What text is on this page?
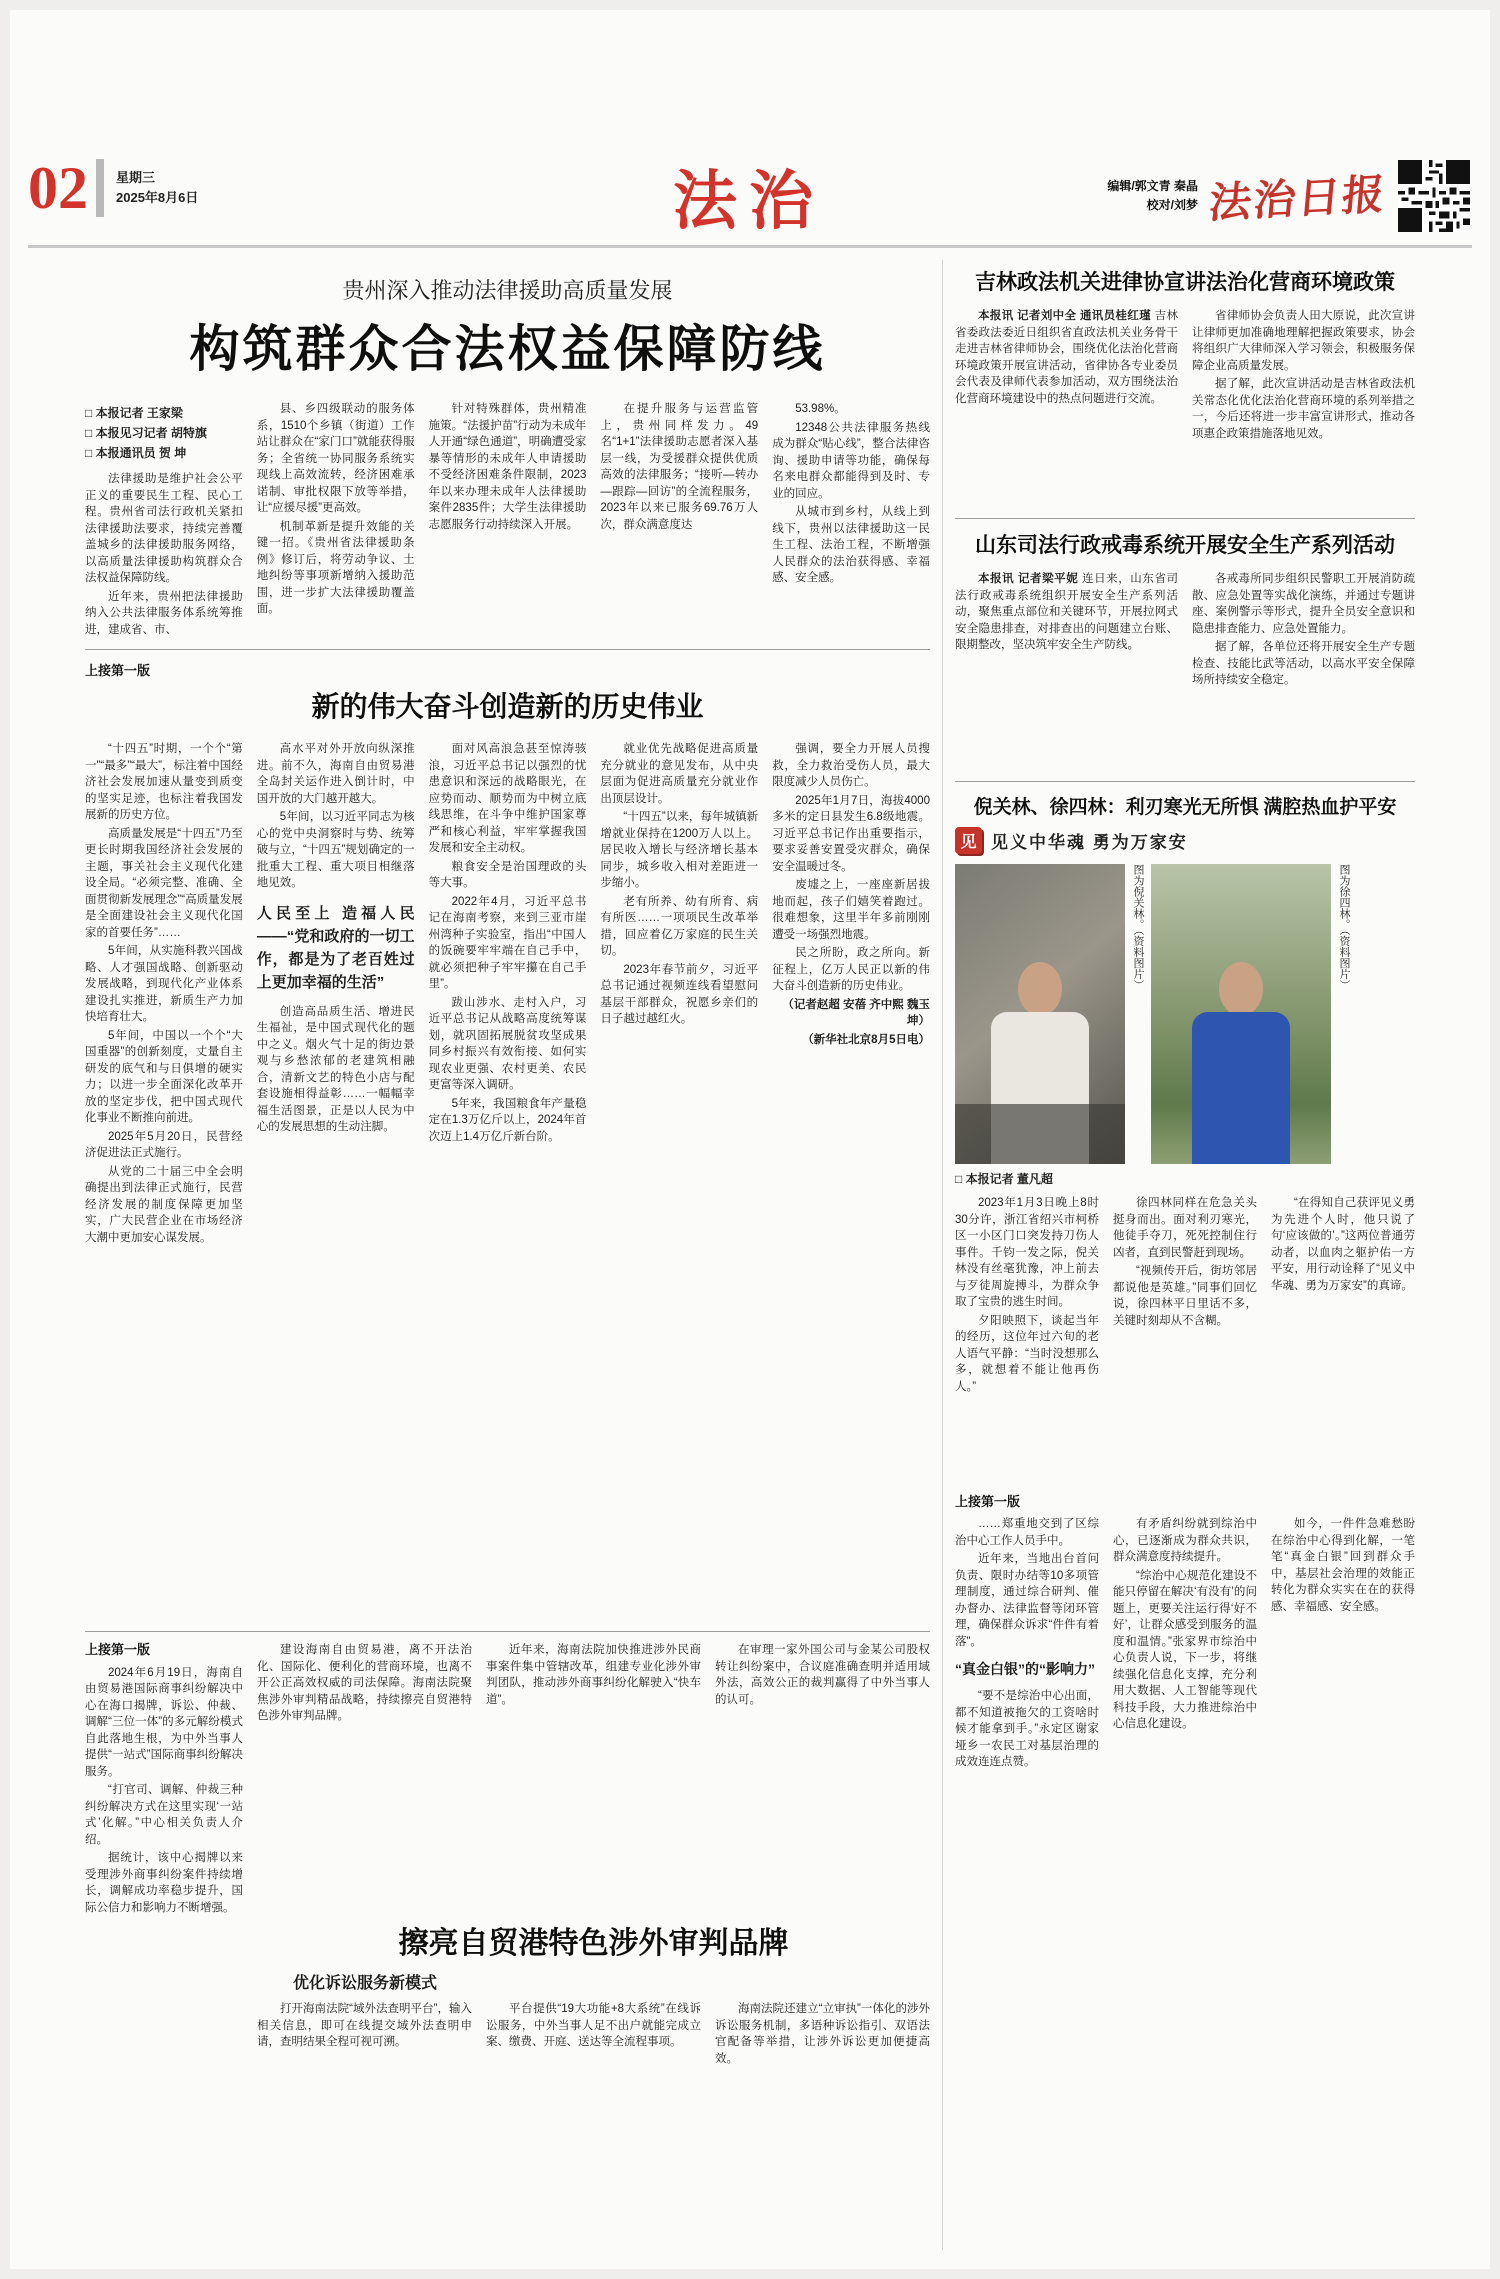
02 星期三
2025年8月6日	法治	编辑/郭文青 秦晶
校对/刘梦 法治日报
贵州深入推动法律援助高质量发展
构筑群众合法权益保障防线
□ 本报记者 王家梁
□ 本报见习记者 胡特旗
□ 本报通讯员 贺 坤

法律援助是维护社会公平正义的重要民生工程、民心工程。贵州省司法行政机关紧扣法律援助法要求，持续完善覆盖城乡的法律援助服务网络，以高质量法律援助构筑群众合法权益保障防线。

近年来，贵州把法律援助纳入公共法律服务体系统筹推进，建成省、市、

县、乡四级联动的服务体系，1510个乡镇（街道）工作站让群众在“家门口”就能获得服务；全省统一协同服务系统实现线上高效流转，经济困难承诺制、审批权限下放等举措，让“应援尽援”更高效。

机制革新是提升效能的关键一招。《贵州省法律援助条例》修订后，将劳动争议、土地纠纷等事项新增纳入援助范围，进一步扩大法律援助覆盖面。

针对特殊群体，贵州精准施策。“法援护苗”行动为未成年人开通“绿色通道”，明确遭受家暴等情形的未成年人申请援助不受经济困难条件限制，2023年以来办理未成年人法律援助案件2835件；大学生法律援助志愿服务行动持续深入开展。

在提升服务与运营监管上，贵州同样发力。49名“1+1”法律援助志愿者深入基层一线，为受援群众提供优质高效的法律服务；“接听—转办—跟踪—回访”的全流程服务，2023年以来已服务69.76万人次，群众满意度达

53.98%。

12348公共法律服务热线成为群众“贴心线”，整合法律咨询、援助申请等功能，确保每名来电群众都能得到及时、专业的回应。

从城市到乡村，从线上到线下，贵州以法律援助这一民生工程、法治工程，不断增强人民群众的法治获得感、幸福感、安全感。

上接第一版
新的伟大奋斗创造新的历史伟业

“十四五”时期，一个个“第一”“最多”“最大”，标注着中国经济社会发展加速从量变到质变的坚实足迹，也标注着我国发展新的历史方位。

高质量发展是“十四五”乃至更长时期我国经济社会发展的主题，事关社会主义现代化建设全局。“必须完整、准确、全面贯彻新发展理念”“高质量发展是全面建设社会主义现代化国家的首要任务”……

5年间，从实施科教兴国战略、人才强国战略、创新驱动发展战略，到现代化产业体系建设扎实推进，新质生产力加快培育壮大。

5年间，中国以一个个“大国重器”的创新刻度，丈量自主研发的底气和与日俱增的硬实力；以进一步全面深化改革开放的坚定步伐，把中国式现代化事业不断推向前进。

2025年5月20日，民营经济促进法正式施行。

从党的二十届三中全会明确提出到法律正式施行，民营经济发展的制度保障更加坚实，广大民营企业在市场经济大潮中更加安心谋发展。

高水平对外开放向纵深推进。前不久，海南自由贸易港全岛封关运作进入倒计时，中国开放的大门越开越大。

5年间，以习近平同志为核心的党中央洞察时与势、统筹破与立，“十四五”规划确定的一批重大工程、重大项目相继落地见效。

人民至上 造福人民——“党和政府的一切工作，都是为了老百姓过上更加幸福的生活”

创造高品质生活、增进民生福祉，是中国式现代化的题中之义。烟火气十足的街边景观与乡愁浓郁的老建筑相融合，清新文艺的特色小店与配套设施相得益彰……一幅幅幸福生活图景，正是以人民为中心的发展思想的生动注脚。

面对风高浪急甚至惊涛骇浪，习近平总书记以强烈的忧患意识和深远的战略眼光，在应势而动、顺势而为中树立底线思维，在斗争中维护国家尊严和核心利益，牢牢掌握我国发展和安全主动权。

粮食安全是治国理政的头等大事。

2022年4月，习近平总书记在海南考察，来到三亚市崖州湾种子实验室，指出“中国人的饭碗要牢牢端在自己手中，就必须把种子牢牢攥在自己手里”。

跋山涉水、走村入户，习近平总书记从战略高度统筹谋划，就巩固拓展脱贫攻坚成果同乡村振兴有效衔接、如何实现农业更强、农村更美、农民更富等深入调研。

5年来，我国粮食年产量稳定在1.3万亿斤以上，2024年首次迈上1.4万亿斤新台阶。

就业优先战略促进高质量充分就业的意见发布，从中央层面为促进高质量充分就业作出顶层设计。

“十四五”以来，每年城镇新增就业保持在1200万人以上。居民收入增长与经济增长基本同步，城乡收入相对差距进一步缩小。

老有所养、幼有所育、病有所医……一项项民生改革举措，回应着亿万家庭的民生关切。

2023年春节前夕，习近平总书记通过视频连线看望慰问基层干部群众，祝愿乡亲们的日子越过越红火。

强调，要全力开展人员搜救，全力救治受伤人员，最大限度减少人员伤亡。

2025年1月7日，海拔4000多米的定日县发生6.8级地震。习近平总书记作出重要指示，要求妥善安置受灾群众，确保安全温暖过冬。

废墟之上，一座座新居拔地而起，孩子们嬉笑着跑过。很难想象，这里半年多前刚刚遭受一场强烈地震。

民之所盼，政之所向。新征程上，亿万人民正以新的伟大奋斗创造新的历史伟业。

（记者赵超 安蓓 齐中熙 魏玉坤）

（新华社北京8月5日电）

上接第一版

2024年6月19日，海南自由贸易港国际商事纠纷解决中心在海口揭牌，诉讼、仲裁、调解“三位一体”的多元解纷模式自此落地生根，为中外当事人提供“一站式”国际商事纠纷解决服务。

“打官司、调解、仲裁三种纠纷解决方式在这里实现‘一站式’化解。”中心相关负责人介绍。

据统计，该中心揭牌以来受理涉外商事纠纷案件持续增长，调解成功率稳步提升，国际公信力和影响力不断增强。

建设海南自由贸易港，离不开法治化、国际化、便利化的营商环境，也离不开公正高效权威的司法保障。海南法院聚焦涉外审判精品战略，持续擦亮自贸港特色涉外审判品牌。

近年来，海南法院加快推进涉外民商事案件集中管辖改革，组建专业化涉外审判团队，推动涉外商事纠纷化解驶入“快车道”。

在审理一家外国公司与金某公司股权转让纠纷案中，合议庭准确查明并适用域外法，高效公正的裁判赢得了中外当事人的认可。

擦亮自贸港特色涉外审判品牌
优化诉讼服务新模式

打开海南法院“域外法查明平台”，输入相关信息，即可在线提交域外法查明申请，查明结果全程可视可溯。

平台提供“19大功能+8大系统”在线诉讼服务，中外当事人足不出户就能完成立案、缴费、开庭、送达等全流程事项。

海南法院还建立“立审执”一体化的涉外诉讼服务机制，多语种诉讼指引、双语法官配备等举措，让涉外诉讼更加便捷高效。

吉林政法机关进律协宣讲法治化营商环境政策

本报讯 记者刘中全 通讯员桂红瑾 吉林省委政法委近日组织省直政法机关业务骨干走进吉林省律师协会，围绕优化法治化营商环境政策开展宣讲活动，省律协各专业委员会代表及律师代表参加活动，双方围绕法治化营商环境建设中的热点问题进行交流。

省律师协会负责人田大原说，此次宣讲让律师更加准确地理解把握政策要求，协会将组织广大律师深入学习领会，积极服务保障企业高质量发展。

据了解，此次宣讲活动是吉林省政法机关常态化优化法治化营商环境的系列举措之一，今后还将进一步丰富宣讲形式，推动各项惠企政策措施落地见效。

山东司法行政戒毒系统开展安全生产系列活动

本报讯 记者梁平妮 连日来，山东省司法行政戒毒系统组织开展安全生产系列活动，聚焦重点部位和关键环节，开展拉网式安全隐患排查，对排查出的问题建立台账、限期整改，坚决筑牢安全生产防线。

各戒毒所同步组织民警职工开展消防疏散、应急处置等实战化演练，并通过专题讲座、案例警示等形式，提升全员安全意识和隐患排查能力、应急处置能力。

据了解，各单位还将开展安全生产专题检查、技能比武等活动，以高水平安全保障场所持续安全稳定。

倪关林、徐四林：利刃寒光无所惧 满腔热血护平安
见 见义中华魂 勇为万家安
图为倪关林。（资料图片）	图为徐四林。（资料图片）
□ 本报记者 董凡超

2023年1月3日晚上8时30分许，浙江省绍兴市柯桥区一小区门口突发持刀伤人事件。千钧一发之际，倪关林没有丝毫犹豫，冲上前去与歹徒周旋搏斗，为群众争取了宝贵的逃生时间。

夕阳映照下，谈起当年的经历，这位年过六旬的老人语气平静：“当时没想那么多，就想着不能让他再伤人。”

徐四林同样在危急关头挺身而出。面对利刃寒光，他徒手夺刀，死死控制住行凶者，直到民警赶到现场。

“视频传开后，街坊邻居都说他是英雄。”同事们回忆说，徐四林平日里话不多，关键时刻却从不含糊。

“在得知自己获评见义勇为先进个人时，他只说了句‘应该做的’。”这两位普通劳动者，以血肉之躯护佑一方平安，用行动诠释了“见义中华魂、勇为万家安”的真谛。

上接第一版

……郑重地交到了区综治中心工作人员手中。

近年来，当地出台首问负责、限时办结等10多项管理制度，通过综合研判、催办督办、法律监督等闭环管理，确保群众诉求“件件有着落”。

“真金白银”的“影响力”

“要不是综治中心出面，都不知道被拖欠的工资啥时候才能拿到手。”永定区谢家垭乡一农民工对基层治理的成效连连点赞。

有矛盾纠纷就到综治中心，已逐渐成为群众共识，群众满意度持续提升。

“综治中心规范化建设不能只停留在解决‘有没有’的问题上，更要关注运行得‘好不好’，让群众感受到服务的温度和温情。”张家界市综治中心负责人说，下一步，将继续强化信息化支撑，充分利用大数据、人工智能等现代科技手段，大力推进综治中心信息化建设。

如今，一件件急难愁盼在综治中心得到化解，一笔笔“真金白银”回到群众手中，基层社会治理的效能正转化为群众实实在在的获得感、幸福感、安全感。
